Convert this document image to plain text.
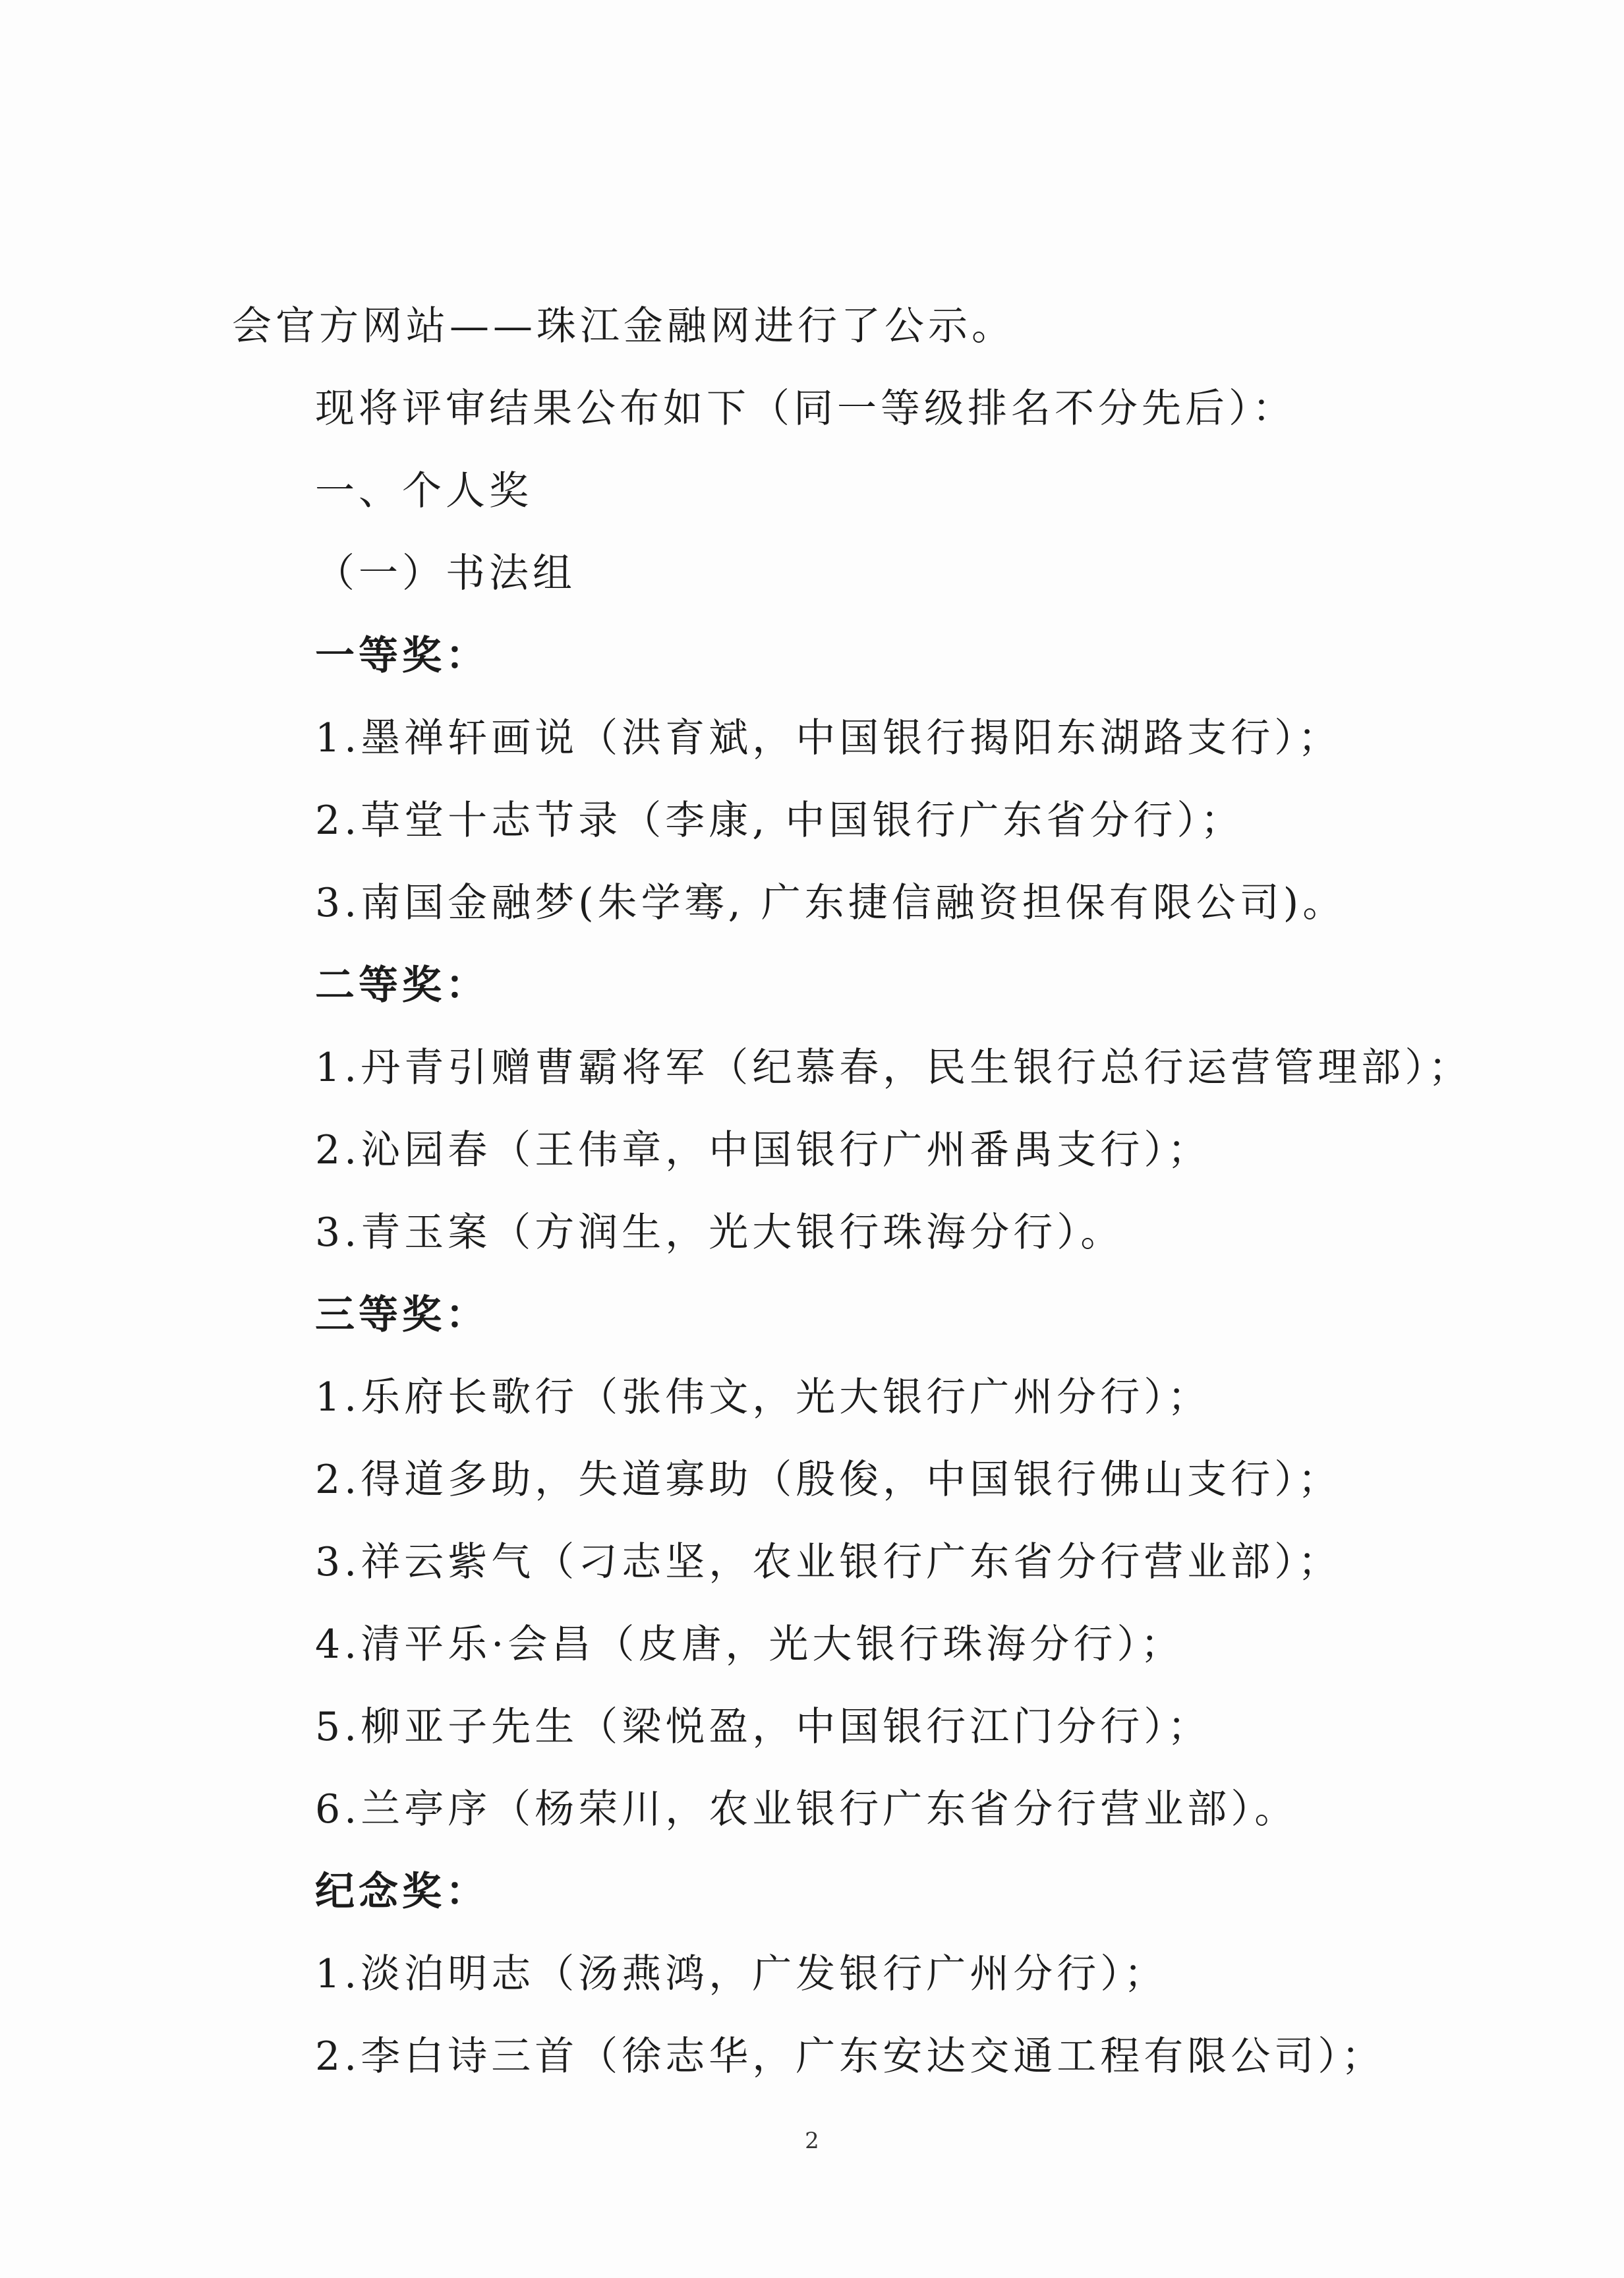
会官方网站——珠江金融网进行了公示。
现将评审结果公布如下（同一等级排名不分先后）：
一、个人奖
（一）书法组
一等奖：
1.墨禅轩画说（洪育斌，中国银行揭阳东湖路支行）；
2.草堂十志节录（李康, 中国银行广东省分行）；
3.南国金融梦(朱学骞, 广东捷信融资担保有限公司)。
二等奖：
1.丹青引赠曹霸将军（纪慕春，民生银行总行运营管理部）；
2.沁园春（王伟章，中国银行广州番禺支行）；
3.青玉案（方润生，光大银行珠海分行）。
三等奖：
1.乐府长歌行（张伟文，光大银行广州分行）；
2.得道多助，失道寡助（殷俊，中国银行佛山支行）；
3.祥云紫气（刁志坚，农业银行广东省分行营业部）；
4.清平乐·会昌（皮唐，光大银行珠海分行）；
5.柳亚子先生（梁悦盈，中国银行江门分行）；
6.兰亭序（杨荣川，农业银行广东省分行营业部）。
纪念奖：
1.淡泊明志（汤燕鸿，广发银行广州分行）；
2.李白诗三首（徐志华，广东安达交通工程有限公司）；
2
